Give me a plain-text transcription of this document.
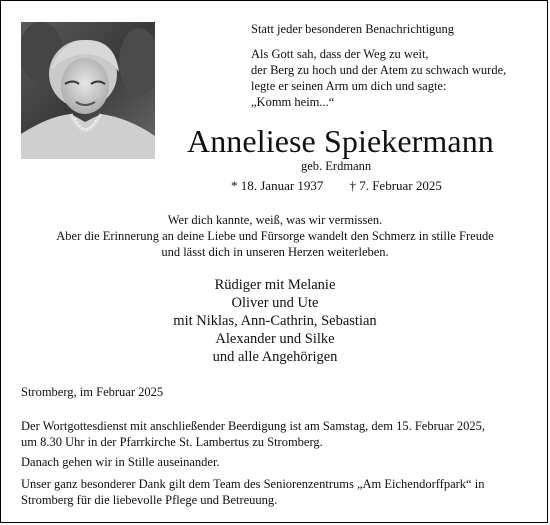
Statt jeder besonderen Benachrichtigung
Als Gott sah, dass der Weg zu weit,
der Berg zu hoch und der Atem zu schwach wurde,
legte er seinen Arm um dich und sagte:
„Komm heim...“
Anneliese Spiekermann
geb. Erdmann
* 18. Januar 1937 † 7. Februar 2025
Wer dich kannte, weiß, was wir vermissen.
Aber die Erinnerung an deine Liebe und Fürsorge wandelt den Schmerz in stille Freude
und lässt dich in unseren Herzen weiterleben.
Rüdiger mit Melanie
Oliver und Ute
mit Niklas, Ann-Cathrin, Sebastian
Alexander und Silke
und alle Angehörigen
Stromberg, im Februar 2025
Der Wortgottesdienst mit anschließender Beerdigung ist am Samstag, dem 15. Februar 2025,
um 8.30 Uhr in der Pfarrkirche St. Lambertus zu Stromberg.
Danach gehen wir in Stille auseinander.
Unser ganz besonderer Dank gilt dem Team des Seniorenzentrums „Am Eichendorffpark“ in
Stromberg für die liebevolle Pflege und Betreuung.
